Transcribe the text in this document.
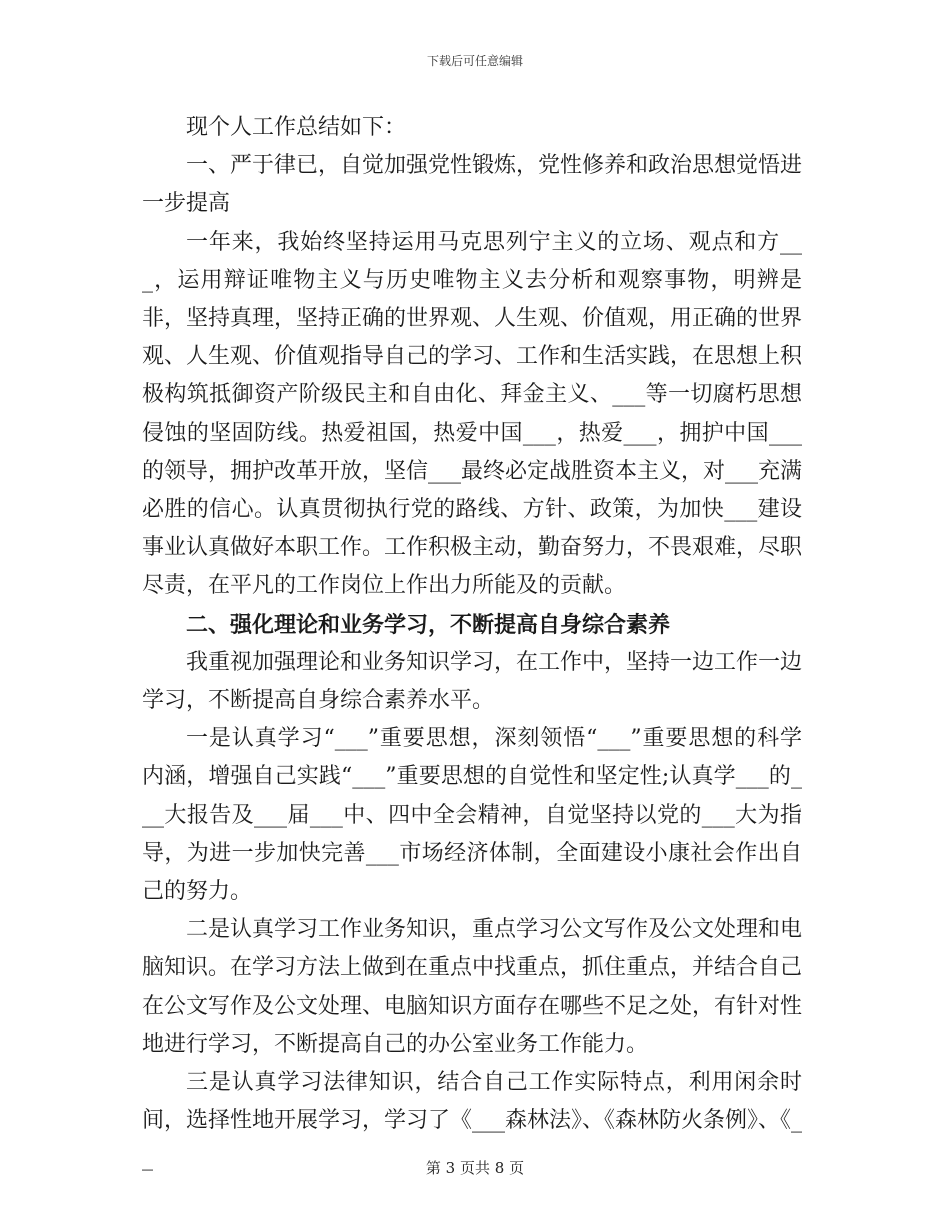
下载后可任意编辑

现个人工作总结如下：

一、严于律已，自觉加强党性锻炼，党性修养和政治思想觉悟进一步提高

一年来，我始终坚持运用马克思列宁主义的立场、观点和方___，运用辩证唯物主义与历史唯物主义去分析和观察事物，明辨是非，坚持真理，坚持正确的世界观、人生观、价值观，用正确的世界观、人生观、价值观指导自己的学习、工作和生活实践，在思想上积极构筑抵御资产阶级民主和自由化、拜金主义、___等一切腐朽思想侵蚀的坚固防线。热爱祖国，热爱中国___，热爱___，拥护中国___的领导，拥护改革开放，坚信___最终必定战胜资本主义，对___充满必胜的信心。认真贯彻执行党的路线、方针、政策，为加快___建设事业认真做好本职工作。工作积极主动，勤奋努力，不畏艰难，尽职尽责，在平凡的工作岗位上作出力所能及的贡献。

二、强化理论和业务学习，不断提高自身综合素养

我重视加强理论和业务知识学习，在工作中，坚持一边工作一边学习，不断提高自身综合素养水平。

一是认真学习“___”重要思想，深刻领悟“___”重要思想的科学内涵，增强自己实践“___”重要思想的自觉性和坚定性;认真学___的___大报告及___届___中、四中全会精神，自觉坚持以党的___大为指导，为进一步加快完善___市场经济体制，全面建设小康社会作出自己的努力。

二是认真学习工作业务知识，重点学习公文写作及公文处理和电脑知识。在学习方法上做到在重点中找重点，抓住重点，并结合自己在公文写作及公文处理、电脑知识方面存在哪些不足之处，有针对性地进行学习，不断提高自己的办公室业务工作能力。

三是认真学习法律知识，结合自己工作实际特点，利用闲余时间，选择性地开展学习，学习了《___森林法》、《森林防火条例》、《__	第 3 页共 8 页
